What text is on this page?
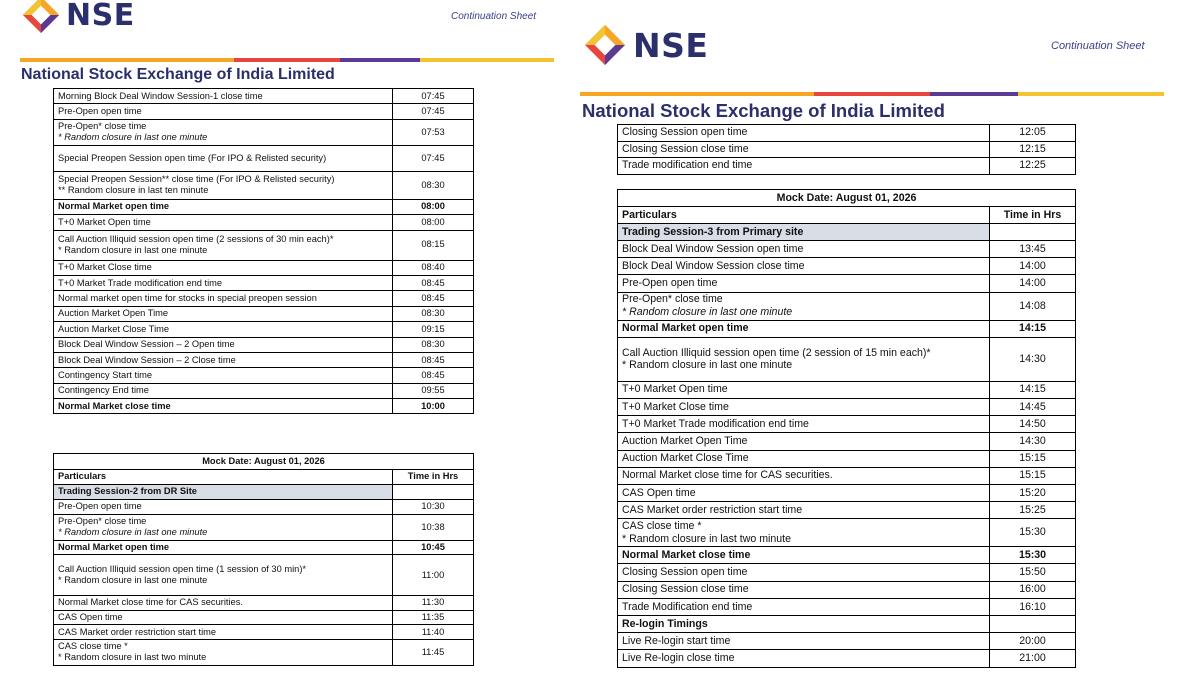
NSE	Continuation Sheet
National Stock Exchange of India Limited
Morning Block Deal Window Session-1 close time	07:45
Pre-Open open time	07:45
Pre-Open* close time
* Random closure in last one minute	07:53
Special Preopen Session open time (For IPO & Relisted security)	07:45
Special Preopen Session** close time (For IPO & Relisted security)
** Random closure in last ten minute	08:30
Normal Market open time	08:00
T+0 Market Open time	08:00
Call Auction Illiquid session open time (2 sessions of 30 min each)*
* Random closure in last one minute	08:15
T+0 Market Close time	08:40
T+0 Market Trade modification end time	08:45
Normal market open time for stocks in special preopen session	08:45
Auction Market Open Time	08:30
Auction Market Close Time	09:15
Block Deal Window Session – 2 Open time	08:30
Block Deal Window Session – 2 Close time	08:45
Contingency Start time	08:45
Contingency End time	09:55
Normal Market close time	10:00
Mock Date: August 01, 2026	
Particulars	Time in Hrs
Trading Session-2 from DR Site	
Pre-Open open time	10:30
Pre-Open* close time
* Random closure in last one minute	10:38
Normal Market open time	10:45
Call Auction Illiquid session open time (1 session of 30 min)*
* Random closure in last one minute	11:00
Normal Market close time for CAS securities.	11:30
CAS Open time	11:35
CAS Market order restriction start time	11:40
CAS close time *
* Random closure in last two minute	11:45
NSE	Continuation Sheet
National Stock Exchange of India Limited
Closing Session open time	12:05
Closing Session close time	12:15
Trade modification end time	12:25
Mock Date: August 01, 2026	
Particulars	Time in Hrs
Trading Session-3 from Primary site	
Block Deal Window Session open time	13:45
Block Deal Window Session close time	14:00
Pre-Open open time	14:00
Pre-Open* close time
* Random closure in last one minute	14:08
Normal Market open time	14:15
Call Auction Illiquid session open time (2 session of 15 min each)*
* Random closure in last one minute	14:30
T+0 Market Open time	14:15
T+0 Market Close time	14:45
T+0 Market Trade modification end time	14:50
Auction Market Open Time	14:30
Auction Market Close Time	15:15
Normal Market close time for CAS securities.	15:15
CAS Open time	15:20
CAS Market order restriction start time	15:25
CAS close time *
* Random closure in last two minute	15:30
Normal Market close time	15:30
Closing Session open time	15:50
Closing Session close time	16:00
Trade Modification end time	16:10
Re-login Timings	
Live Re-login start time	20:00
Live Re-login close time	21:00
